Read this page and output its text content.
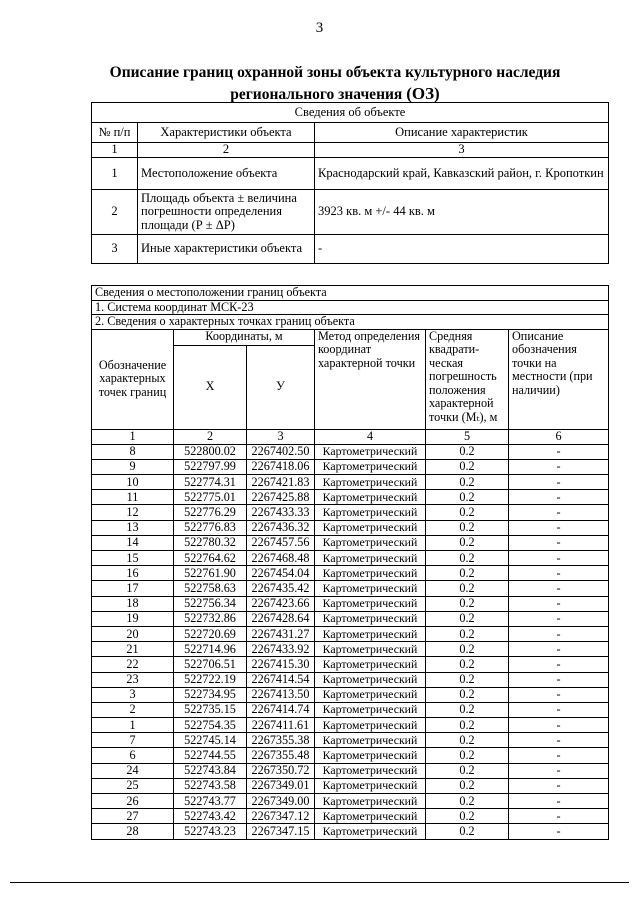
3
Описание границ охранной зоны объекта культурного наследия
регионального значения (ОЗ)
Сведения об объекте		
№ п/п	Характеристики объекта	Описание характеристик
1	2	3
1	Местоположение объекта	Краснодарский край, Кавказский район, г. Кропоткин
2	Площадь объекта ± величина погрешности определения площади (Р ± ΔР)	3923 кв. м +/- 44 кв. м
3	Иные характеристики объекта	-
Сведения о местоположении границ объекта					
1. Система координат МСК-23					
2. Сведения о характерных точках границ объекта					
Обозначение характерных точек границ	Координаты, м		Метод определения координат характерной точки	Средняя квадрати-ческая погрешность положения характерной точки (Mₜ), м	Описание обозначения точки на местности (при наличии)
	X	У			
1	2	3	4	5	6
8	522800.02	2267402.50	Картометрический	0.2	-
9	522797.99	2267418.06	Картометрический	0.2	-
10	522774.31	2267421.83	Картометрический	0.2	-
11	522775.01	2267425.88	Картометрический	0.2	-
12	522776.29	2267433.33	Картометрический	0.2	-
13	522776.83	2267436.32	Картометрический	0.2	-
14	522780.32	2267457.56	Картометрический	0.2	-
15	522764.62	2267468.48	Картометрический	0.2	-
16	522761.90	2267454.04	Картометрический	0.2	-
17	522758.63	2267435.42	Картометрический	0.2	-
18	522756.34	2267423.66	Картометрический	0.2	-
19	522732.86	2267428.64	Картометрический	0.2	-
20	522720.69	2267431.27	Картометрический	0.2	-
21	522714.96	2267433.92	Картометрический	0.2	-
22	522706.51	2267415.30	Картометрический	0.2	-
23	522722.19	2267414.54	Картометрический	0.2	-
3	522734.95	2267413.50	Картометрический	0.2	-
2	522735.15	2267414.74	Картометрический	0.2	-
1	522754.35	2267411.61	Картометрический	0.2	-
7	522745.14	2267355.38	Картометрический	0.2	-
6	522744.55	2267355.48	Картометрический	0.2	-
24	522743.84	2267350.72	Картометрический	0.2	-
25	522743.58	2267349.01	Картометрический	0.2	-
26	522743.77	2267349.00	Картометрический	0.2	-
27	522743.42	2267347.12	Картометрический	0.2	-
28	522743.23	2267347.15	Картометрический	0.2	-
